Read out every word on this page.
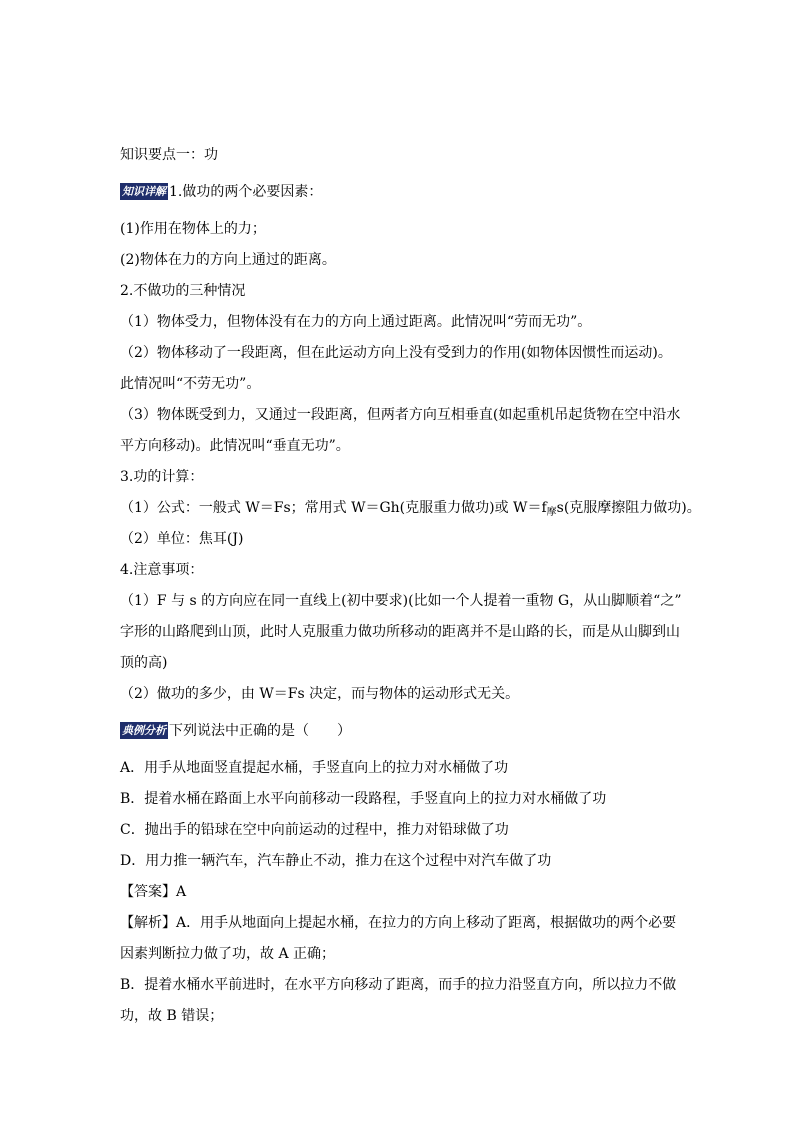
知识要点一：功
知识详解 1.做功的两个必要因素：
(1)作用在物体上的力；
(2)物体在力的方向上通过的距离。
2.不做功的三种情况
（1）物体受力，但物体没有在力的方向上通过距离。此情况叫“劳而无功”。
（2）物体移动了一段距离，但在此运动方向上没有受到力的作用(如物体因惯性而运动)。
此情况叫“不劳无功”。
（3）物体既受到力，又通过一段距离，但两者方向互相垂直(如起重机吊起货物在空中沿水
平方向移动)。此情况叫“垂直无功”。
3.功的计算：
（1）公式：一般式 W＝Fs；常用式 W＝Gh(克服重力做功)或 $W=f_摩s$(克服摩擦阻力做功)。
（2）单位：焦耳(J)
4.注意事项：
（1）F 与 s 的方向应在同一直线上(初中要求)(比如一个人提着一重物 G，从山脚顺着“之”
字形的山路爬到山顶，此时人克服重力做功所移动的距离并不是山路的长，而是从山脚到山
顶的高)
（2）做功的多少，由 W＝Fs 决定，而与物体的运动形式无关。
典例分析 下列说法中正确的是（　　）
A．用手从地面竖直提起水桶，手竖直向上的拉力对水桶做了功
B．提着水桶在路面上水平向前移动一段路程，手竖直向上的拉力对水桶做了功
C．抛出手的铅球在空中向前运动的过程中，推力对铅球做了功
D．用力推一辆汽车，汽车静止不动，推力在这个过程中对汽车做了功
【答案】A
【解析】A．用手从地面向上提起水桶，在拉力的方向上移动了距离，根据做功的两个必要
因素判断拉力做了功，故 A 正确；
B．提着水桶水平前进时，在水平方向移动了距离，而手的拉力沿竖直方向，所以拉力不做
功，故 B 错误；
